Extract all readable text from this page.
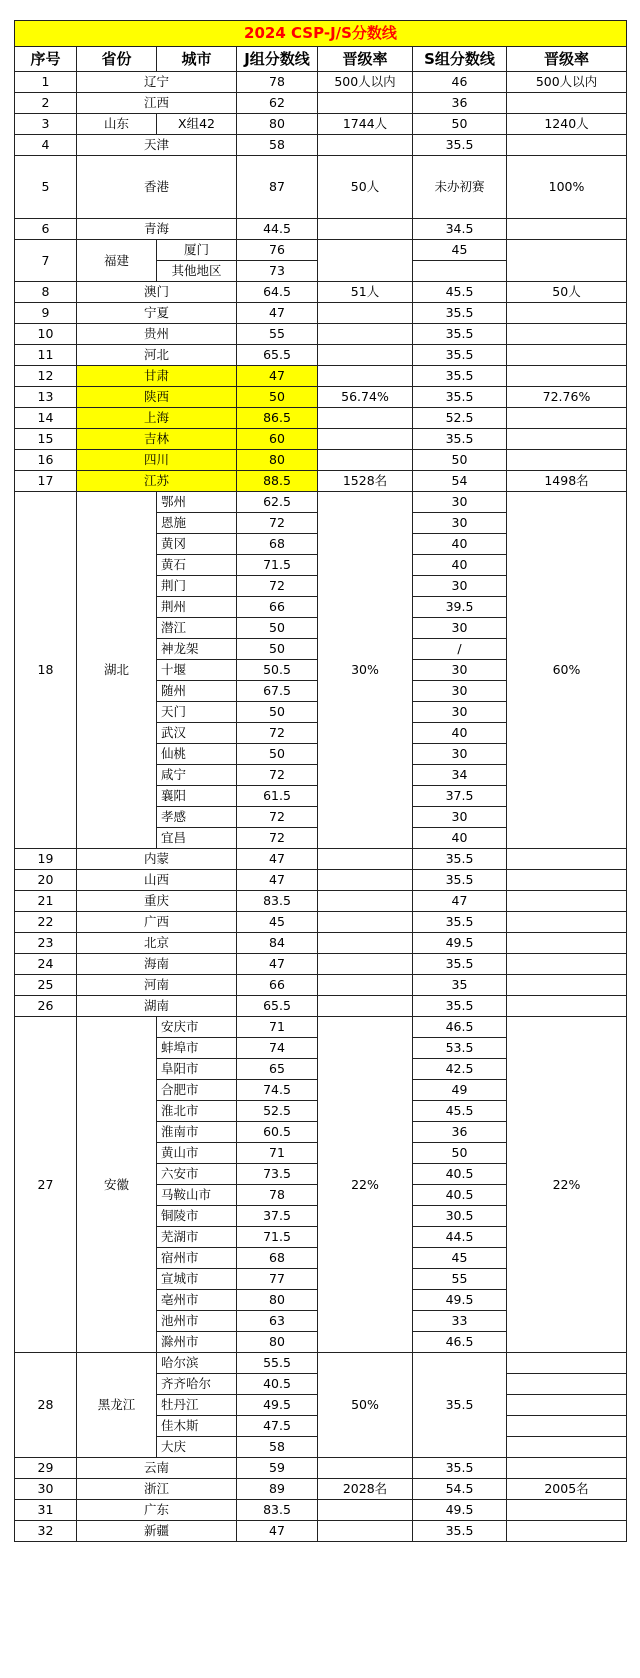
2024 CSP-J/S分数线						
序号	省份	城市	J组分数线	晋级率	S组分数线	晋级率
1	辽宁		78	500人以内	46	500人以内
2	江西		62		36	
3	山东	X组42	80	1744人	50	1240人
4	天津		58		35.5	
5	香港		87	50人	未办初赛	100%
6	青海		44.5		34.5	
7	福建	厦门	76		45	
		其他地区	73			
8	澳门		64.5	51人	45.5	50人
9	宁夏		47		35.5	
10	贵州		55		35.5	
11	河北		65.5		35.5	
12	甘肃		47		35.5	
13	陕西		50	56.74%	35.5	72.76%
14	上海		86.5		52.5	
15	吉林		60		35.5	
16	四川		80		50	
17	江苏		88.5	1528名	54	1498名
18	湖北	鄂州	62.5	30%	30	60%
		恩施	72		30	
		黄冈	68		40	
		黄石	71.5		40	
		荆门	72		30	
		荆州	66		39.5	
		潜江	50		30	
		神龙架	50		/	
		十堰	50.5		30	
		随州	67.5		30	
		天门	50		30	
		武汉	72		40	
		仙桃	50		30	
		咸宁	72		34	
		襄阳	61.5		37.5	
		孝感	72		30	
		宜昌	72		40	
19	内蒙		47		35.5	
20	山西		47		35.5	
21	重庆		83.5		47	
22	广西		45		35.5	
23	北京		84		49.5	
24	海南		47		35.5	
25	河南		66		35	
26	湖南		65.5		35.5	
27	安徽	安庆市	71	22%	46.5	22%
		蚌埠市	74		53.5	
		阜阳市	65		42.5	
		合肥市	74.5		49	
		淮北市	52.5		45.5	
		淮南市	60.5		36	
		黄山市	71		50	
		六安市	73.5		40.5	
		马鞍山市	78		40.5	
		铜陵市	37.5		30.5	
		芜湖市	71.5		44.5	
		宿州市	68		45	
		宣城市	77		55	
		亳州市	80		49.5	
		池州市	63		33	
		滁州市	80		46.5	
28	黑龙江	哈尔滨	55.5	50%	35.5	
		齐齐哈尔	40.5			
		牡丹江	49.5			
		佳木斯	47.5			
		大庆	58			
29	云南		59		35.5	
30	浙江		89	2028名	54.5	2005名
31	广东		83.5		49.5	
32	新疆		47		35.5	
